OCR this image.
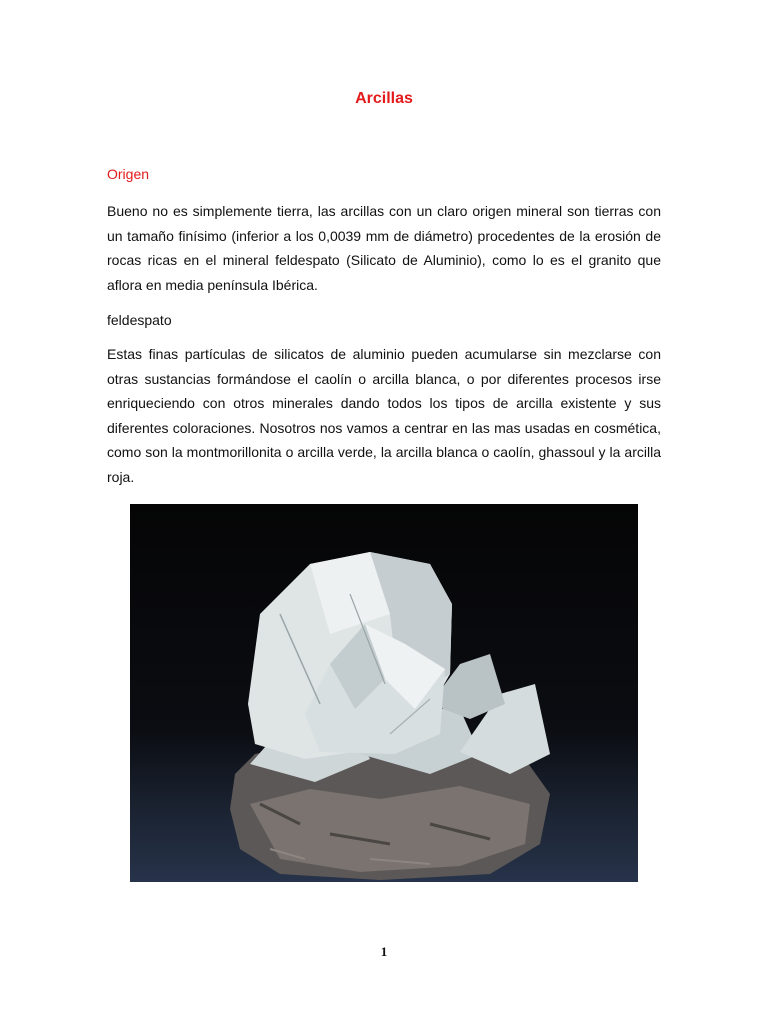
Arcillas
Origen

Bueno no es simplemente tierra, las arcillas con un claro origen mineral son tierras con un tamaño finísimo (inferior a los 0,0039 mm de diámetro) procedentes de la erosión de rocas ricas en el mineral feldespato (Silicato de Aluminio), como lo es el granito que aflora en media península Ibérica.

feldespato

Estas finas partículas de silicatos de aluminio pueden acumularse sin mezclarse con otras sustancias formándose el caolín o arcilla blanca, o por diferentes procesos irse enriqueciendo con otros minerales dando todos los tipos de arcilla existente y sus diferentes coloraciones. Nosotros nos vamos a centrar en las mas usadas en cosmética, como son la montmorillonita o arcilla verde, la arcilla blanca o caolín, ghassoul y la arcilla roja.

1
